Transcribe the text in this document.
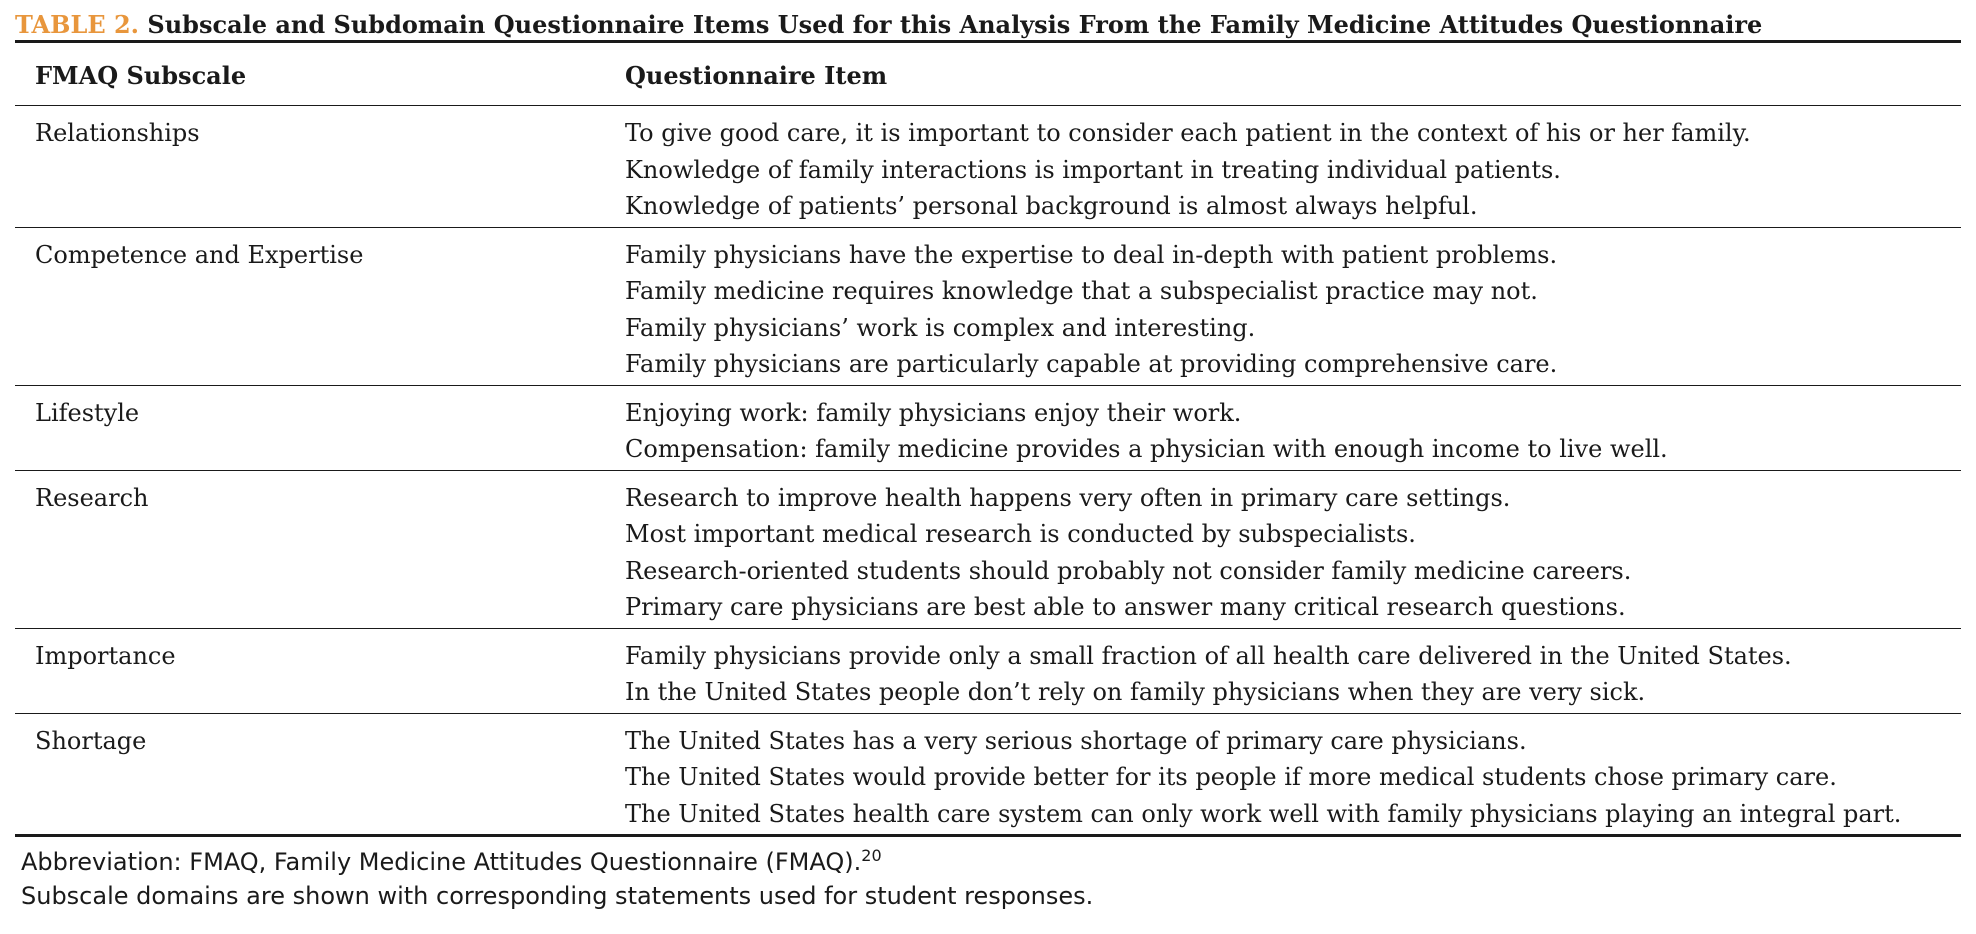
TABLE 2. Subscale and Subdomain Questionnaire Items Used for this Analysis From the Family Medicine Attitudes Questionnaire
FMAQ Subscale	Questionnaire Item

Relationships	To give good care, it is important to consider each patient in the context of his or her family.
Knowledge of family interactions is important in treating individual patients.
Knowledge of patients’ personal background is almost always helpful.

Competence and Expertise	Family physicians have the expertise to deal in-depth with patient problems.
Family medicine requires knowledge that a subspecialist practice may not.
Family physicians’ work is complex and interesting.
Family physicians are particularly capable at providing comprehensive care.

Lifestyle	Enjoying work: family physicians enjoy their work.
Compensation: family medicine provides a physician with enough income to live well.

Research	Research to improve health happens very often in primary care settings.
Most important medical research is conducted by subspecialists.
Research-oriented students should probably not consider family medicine careers.
Primary care physicians are best able to answer many critical research questions.

Importance	Family physicians provide only a small fraction of all health care delivered in the United States.
In the United States people don’t rely on family physicians when they are very sick.

Shortage	The United States has a very serious shortage of primary care physicians.
The United States would provide better for its people if more medical students chose primary care.
The United States health care system can only work well with family physicians playing an integral part.
Abbreviation: FMAQ, Family Medicine Attitudes Questionnaire (FMAQ).$^{20}$
Subscale domains are shown with corresponding statements used for student responses.
